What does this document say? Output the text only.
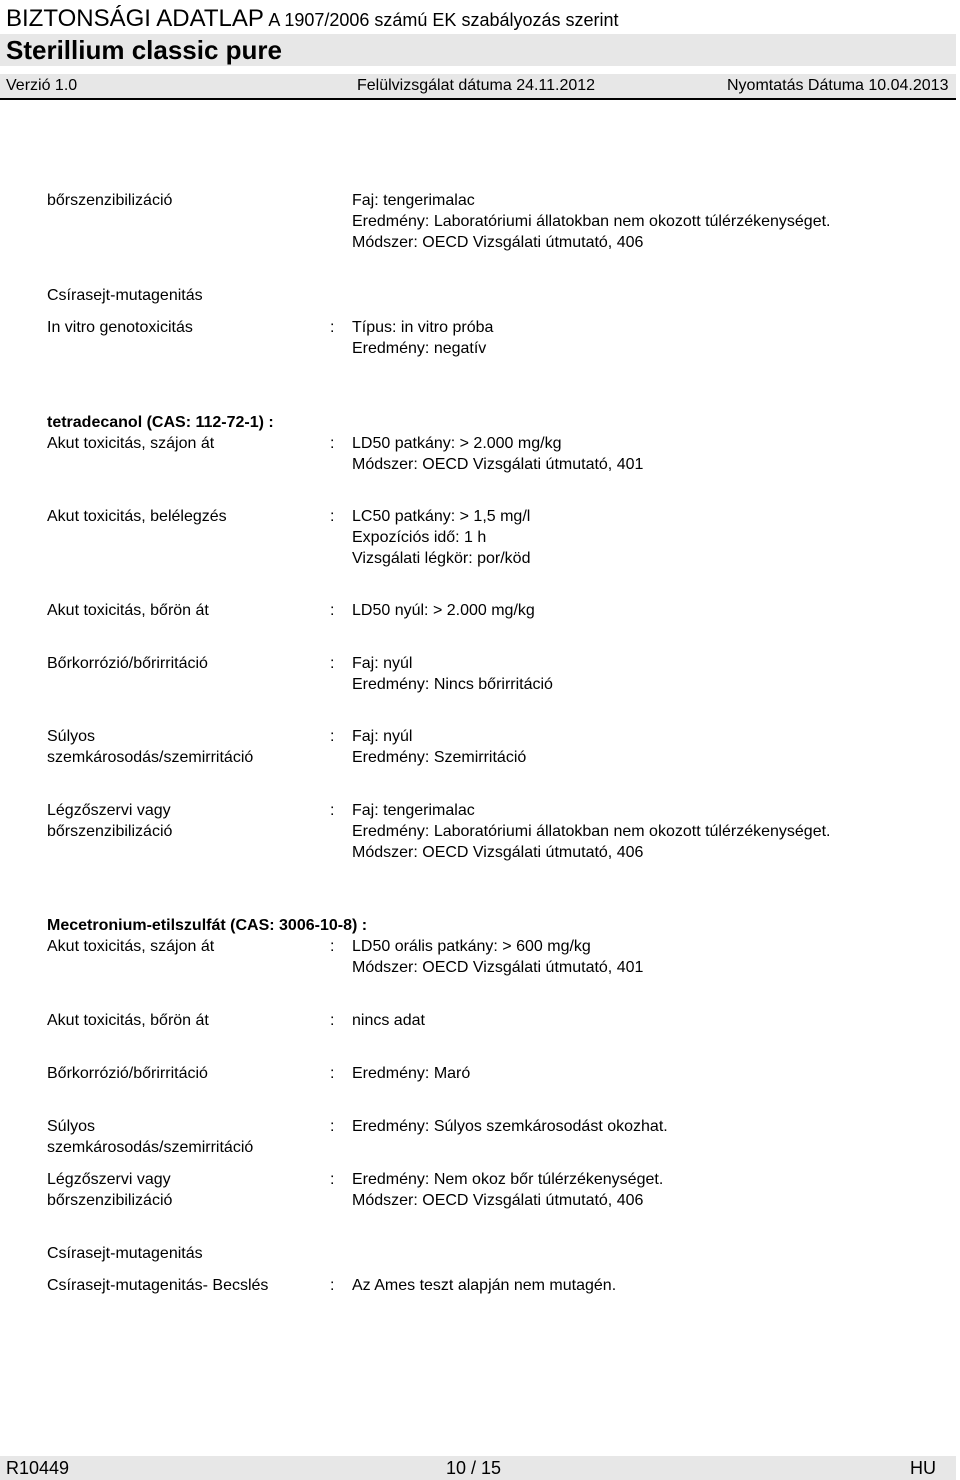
BIZTONSÁGI ADATLAP A 1907/2006 számú EK szabályozás szerint
Sterillium classic pure
Verzió 1.0	Felülvizsgálat dátuma 24.11.2012	Nyomtatás Dátuma 10.04.2013
bőrszenzibilizáció	Faj: tengerimalac
Eredmény: Laboratóriumi állatokban nem okozott túlérzékenységet.
Módszer: OECD Vizsgálati útmutató, 406
Csírasejt-mutagenitás
In vitro genotoxicitás	: Típus: in vitro próba
Eredmény: negatív
tetradecanol (CAS: 112-72-1) :
Akut toxicitás, szájon át	: LD50 patkány: > 2.000 mg/kg
Módszer: OECD Vizsgálati útmutató, 401
Akut toxicitás, belélegzés	: LC50 patkány: > 1,5 mg/l
Expozíciós idő: 1 h
Vizsgálati légkör: por/köd
Akut toxicitás, bőrön át	: LD50 nyúl: > 2.000 mg/kg
Bőrkorrózió/bőrirritáció	: Faj: nyúl
Eredmény: Nincs bőrirritáció
Súlyos
szemkárosodás/szemirritáció
: Faj: nyúl
Eredmény: Szemirritáció
Légzőszervi vagy
bőrszenzibilizáció
: Faj: tengerimalac
Eredmény: Laboratóriumi állatokban nem okozott túlérzékenységet.
Módszer: OECD Vizsgálati útmutató, 406
Mecetronium-etilszulfát (CAS: 3006-10-8) :
Akut toxicitás, szájon át	: LD50 orális patkány: > 600 mg/kg
Módszer: OECD Vizsgálati útmutató, 401
Akut toxicitás, bőrön át	: nincs adat
Bőrkorrózió/bőrirritáció	: Eredmény: Maró
Súlyos
szemkárosodás/szemirritáció
: Eredmény: Súlyos szemkárosodást okozhat.
Légzőszervi vagy
bőrszenzibilizáció
: Eredmény: Nem okoz bőr túlérzékenységet.
Módszer: OECD Vizsgálati útmutató, 406
Csírasejt-mutagenitás
Csírasejt-mutagenitás- Becslés	: Az Ames teszt alapján nem mutagén.
R10449	10 / 15	HU
